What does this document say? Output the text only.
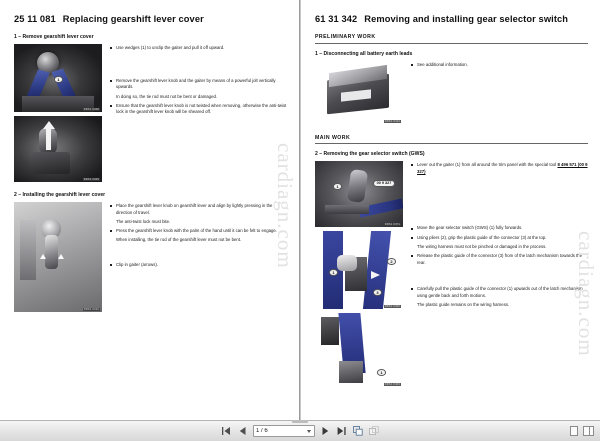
cardiagn.com
25 11 081 Replacing gearshift lever cover
1 – Remove gearshift lever cover
1
RRS1 0008
RRS1 0009
Use wedges (1) to unclip the gaiter and pull it off upward.
Remove the gearshift lever knob and the gaiter by means of a powerful jolt vertically upwards.
In doing so, the tie rod must not be bent or damaged.
Ensure that the gearshift lever knob is not twisted when removing, otherwise the anti-twist lock in the gearshift lever knob will be sheared off.
2 – Installing the gearshift lever cover
RRS1 0010
Place the gearshift lever knob on gearshift lever and align by lightly pressing in the direction of travel.
The anti-twist lock must bite.
Press the gearshift lever knob with the palm of the hand until it can be felt to engage.
When installing, the tie rod of the gearshift lever must not be bent.
Clip in gaiter (arrows).	cardiagn.com
61 31 342 Removing and installing gear selector switch
PRELIMINARY WORK
1 – Disconnecting all battery earth leads
RRS1 0412
See additional information.
MAIN WORK
2 – Removing the gear selector switch (GWS)
1
00 9 327
RRS1 0371
1
2
3
RRS1 0402
1
RRS1 0403
Lever out the gaiter (1) from all around the trim panel with the special tool 8 496 571 (00 9 327)
Move the gear selector switch (GWS) (1) fully forwards.
Using pliers (2), grip the plastic guide of the connector (3) at the top.
The wiring harness must not be pinched or damaged in the process.
Release the plastic guide of the connector (3) from of the latch mechanism towards the rear.
Carefully pull the plastic guide of the connector (1) upwards out of the latch mechanism using gentle back and forth motions.
The plastic guide remains on the wiring harness.
1 / 6
